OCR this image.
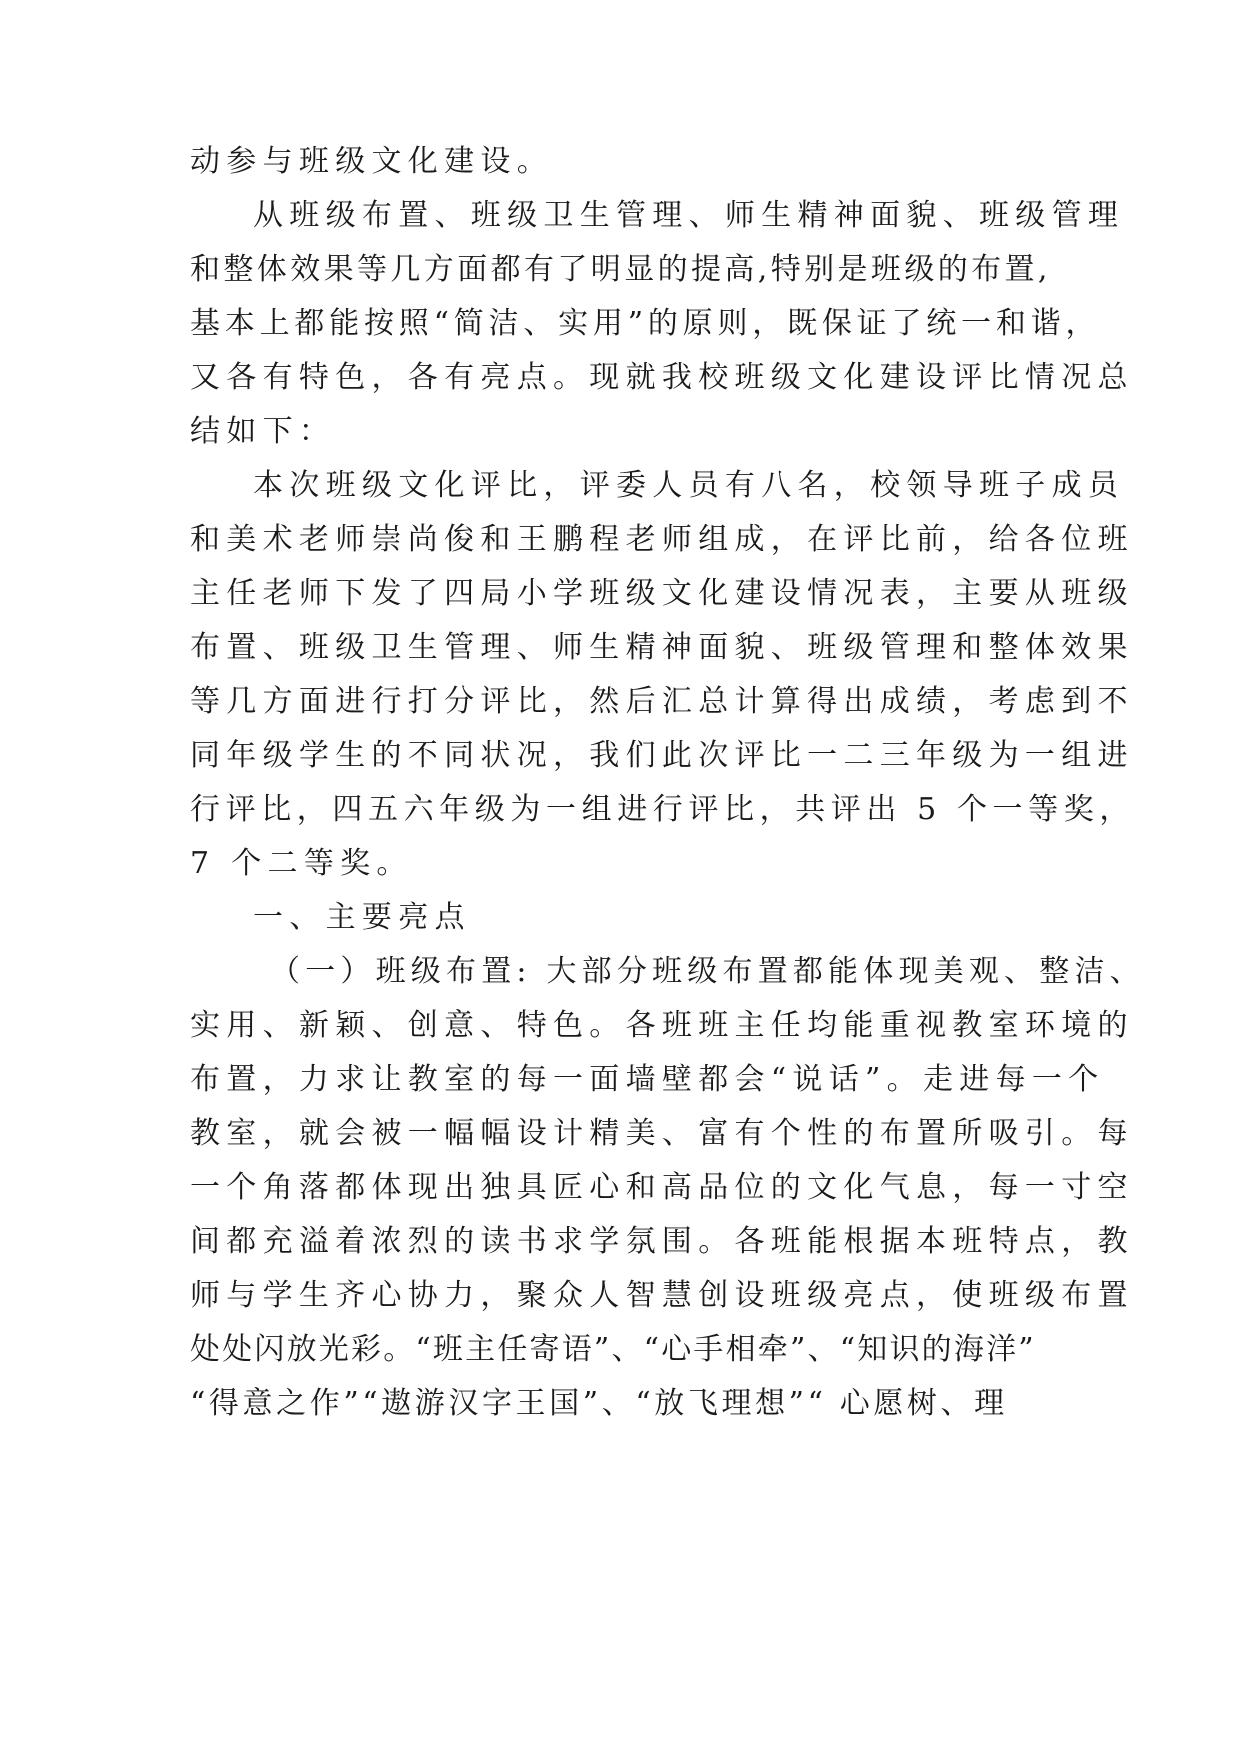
动参与班级文化建设。
从班级布置、班级卫生管理、师生精神面貌、班级管理
和整体效果等几方面都有了明显的提高,特别是班级的布置,
基本上都能按照“简洁、实用”的原则，既保证了统一和谐，
又各有特色，各有亮点。现就我校班级文化建设评比情况总
结如下：
本次班级文化评比，评委人员有八名，校领导班子成员
和美术老师崇尚俊和王鹏程老师组成，在评比前，给各位班
主任老师下发了四局小学班级文化建设情况表，主要从班级
布置、班级卫生管理、师生精神面貌、班级管理和整体效果
等几方面进行打分评比，然后汇总计算得出成绩，考虑到不
同年级学生的不同状况，我们此次评比一二三年级为一组进
行评比，四五六年级为一组进行评比，共评出 5 个一等奖，
7 个二等奖。
一、主要亮点
（一）班级布置: 大部分班级布置都能体现美观、整洁、
实用、新颖、创意、特色。各班班主任均能重视教室环境的
布置，力求让教室的每一面墙壁都会“说话”。走进每一个
教室，就会被一幅幅设计精美、富有个性的布置所吸引。每
一个角落都体现出独具匠心和高品位的文化气息，每一寸空
间都充溢着浓烈的读书求学氛围。各班能根据本班特点，教
师与学生齐心协力，聚众人智慧创设班级亮点，使班级布置
处处闪放光彩。“班主任寄语”、“心手相牵”、“知识的海洋”
“得意之作”“遨游汉字王国”、“放飞理想”“ 心愿树、理
